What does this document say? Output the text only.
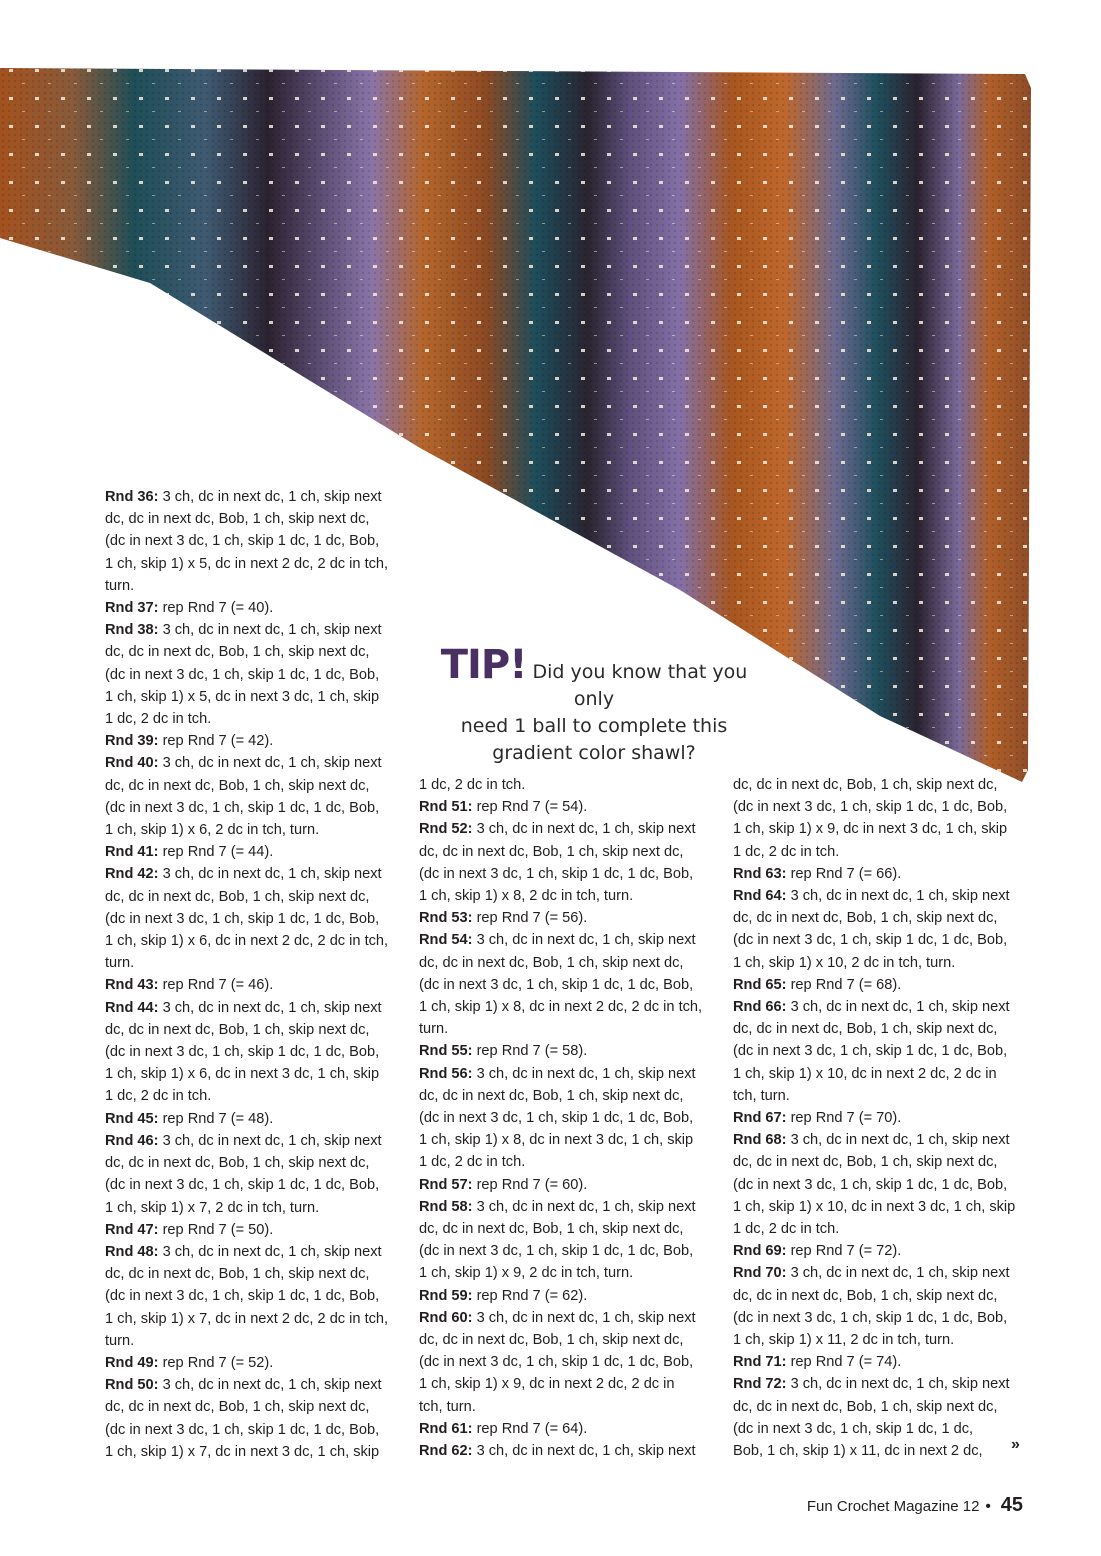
TIP! Did you know that you only
need 1 ball to complete this
gradient color shawl?

Rnd 36: 3 ch, dc in next dc, 1 ch, skip next
dc, dc in next dc, Bob, 1 ch, skip next dc,
(dc in next 3 dc, 1 ch, skip 1 dc, 1 dc, Bob,
1 ch, skip 1) x 5, dc in next 2 dc, 2 dc in tch,
turn.

Rnd 37: rep Rnd 7 (= 40).

Rnd 38: 3 ch, dc in next dc, 1 ch, skip next
dc, dc in next dc, Bob, 1 ch, skip next dc,
(dc in next 3 dc, 1 ch, skip 1 dc, 1 dc, Bob,
1 ch, skip 1) x 5, dc in next 3 dc, 1 ch, skip
1 dc, 2 dc in tch.

Rnd 39: rep Rnd 7 (= 42).

Rnd 40: 3 ch, dc in next dc, 1 ch, skip next
dc, dc in next dc, Bob, 1 ch, skip next dc,
(dc in next 3 dc, 1 ch, skip 1 dc, 1 dc, Bob,
1 ch, skip 1) x 6, 2 dc in tch, turn.

Rnd 41: rep Rnd 7 (= 44).

Rnd 42: 3 ch, dc in next dc, 1 ch, skip next
dc, dc in next dc, Bob, 1 ch, skip next dc,
(dc in next 3 dc, 1 ch, skip 1 dc, 1 dc, Bob,
1 ch, skip 1) x 6, dc in next 2 dc, 2 dc in tch,
turn.

Rnd 43: rep Rnd 7 (= 46).

Rnd 44: 3 ch, dc in next dc, 1 ch, skip next
dc, dc in next dc, Bob, 1 ch, skip next dc,
(dc in next 3 dc, 1 ch, skip 1 dc, 1 dc, Bob,
1 ch, skip 1) x 6, dc in next 3 dc, 1 ch, skip
1 dc, 2 dc in tch.

Rnd 45: rep Rnd 7 (= 48).

Rnd 46: 3 ch, dc in next dc, 1 ch, skip next
dc, dc in next dc, Bob, 1 ch, skip next dc,
(dc in next 3 dc, 1 ch, skip 1 dc, 1 dc, Bob,
1 ch, skip 1) x 7, 2 dc in tch, turn.

Rnd 47: rep Rnd 7 (= 50).

Rnd 48: 3 ch, dc in next dc, 1 ch, skip next
dc, dc in next dc, Bob, 1 ch, skip next dc,
(dc in next 3 dc, 1 ch, skip 1 dc, 1 dc, Bob,
1 ch, skip 1) x 7, dc in next 2 dc, 2 dc in tch,
turn.

Rnd 49: rep Rnd 7 (= 52).

Rnd 50: 3 ch, dc in next dc, 1 ch, skip next
dc, dc in next dc, Bob, 1 ch, skip next dc,
(dc in next 3 dc, 1 ch, skip 1 dc, 1 dc, Bob,
1 ch, skip 1) x 7, dc in next 3 dc, 1 ch, skip

1 dc, 2 dc in tch.

Rnd 51: rep Rnd 7 (= 54).

Rnd 52: 3 ch, dc in next dc, 1 ch, skip next
dc, dc in next dc, Bob, 1 ch, skip next dc,
(dc in next 3 dc, 1 ch, skip 1 dc, 1 dc, Bob,
1 ch, skip 1) x 8, 2 dc in tch, turn.

Rnd 53: rep Rnd 7 (= 56).

Rnd 54: 3 ch, dc in next dc, 1 ch, skip next
dc, dc in next dc, Bob, 1 ch, skip next dc,
(dc in next 3 dc, 1 ch, skip 1 dc, 1 dc, Bob,
1 ch, skip 1) x 8, dc in next 2 dc, 2 dc in tch,
turn.

Rnd 55: rep Rnd 7 (= 58).

Rnd 56: 3 ch, dc in next dc, 1 ch, skip next
dc, dc in next dc, Bob, 1 ch, skip next dc,
(dc in next 3 dc, 1 ch, skip 1 dc, 1 dc, Bob,
1 ch, skip 1) x 8, dc in next 3 dc, 1 ch, skip
1 dc, 2 dc in tch.

Rnd 57: rep Rnd 7 (= 60).

Rnd 58: 3 ch, dc in next dc, 1 ch, skip next
dc, dc in next dc, Bob, 1 ch, skip next dc,
(dc in next 3 dc, 1 ch, skip 1 dc, 1 dc, Bob,
1 ch, skip 1) x 9, 2 dc in tch, turn.

Rnd 59: rep Rnd 7 (= 62).

Rnd 60: 3 ch, dc in next dc, 1 ch, skip next
dc, dc in next dc, Bob, 1 ch, skip next dc,
(dc in next 3 dc, 1 ch, skip 1 dc, 1 dc, Bob,
1 ch, skip 1) x 9, dc in next 2 dc, 2 dc in
tch, turn.

Rnd 61: rep Rnd 7 (= 64).

Rnd 62: 3 ch, dc in next dc, 1 ch, skip next

dc, dc in next dc, Bob, 1 ch, skip next dc,
(dc in next 3 dc, 1 ch, skip 1 dc, 1 dc, Bob,
1 ch, skip 1) x 9, dc in next 3 dc, 1 ch, skip
1 dc, 2 dc in tch.

Rnd 63: rep Rnd 7 (= 66).

Rnd 64: 3 ch, dc in next dc, 1 ch, skip next
dc, dc in next dc, Bob, 1 ch, skip next dc,
(dc in next 3 dc, 1 ch, skip 1 dc, 1 dc, Bob,
1 ch, skip 1) x 10, 2 dc in tch, turn.

Rnd 65: rep Rnd 7 (= 68).

Rnd 66: 3 ch, dc in next dc, 1 ch, skip next
dc, dc in next dc, Bob, 1 ch, skip next dc,
(dc in next 3 dc, 1 ch, skip 1 dc, 1 dc, Bob,
1 ch, skip 1) x 10, dc in next 2 dc, 2 dc in
tch, turn.

Rnd 67: rep Rnd 7 (= 70).

Rnd 68: 3 ch, dc in next dc, 1 ch, skip next
dc, dc in next dc, Bob, 1 ch, skip next dc,
(dc in next 3 dc, 1 ch, skip 1 dc, 1 dc, Bob,
1 ch, skip 1) x 10, dc in next 3 dc, 1 ch, skip
1 dc, 2 dc in tch.

Rnd 69: rep Rnd 7 (= 72).

Rnd 70: 3 ch, dc in next dc, 1 ch, skip next
dc, dc in next dc, Bob, 1 ch, skip next dc,
(dc in next 3 dc, 1 ch, skip 1 dc, 1 dc, Bob,
1 ch, skip 1) x 11, 2 dc in tch, turn.

Rnd 71: rep Rnd 7 (= 74).

Rnd 72: 3 ch, dc in next dc, 1 ch, skip next
dc, dc in next dc, Bob, 1 ch, skip next dc,
(dc in next 3 dc, 1 ch, skip 1 dc, 1 dc,
Bob, 1 ch, skip 1) x 11, dc in next 2 dc,	»
Fun Crochet Magazine 12 • 45
